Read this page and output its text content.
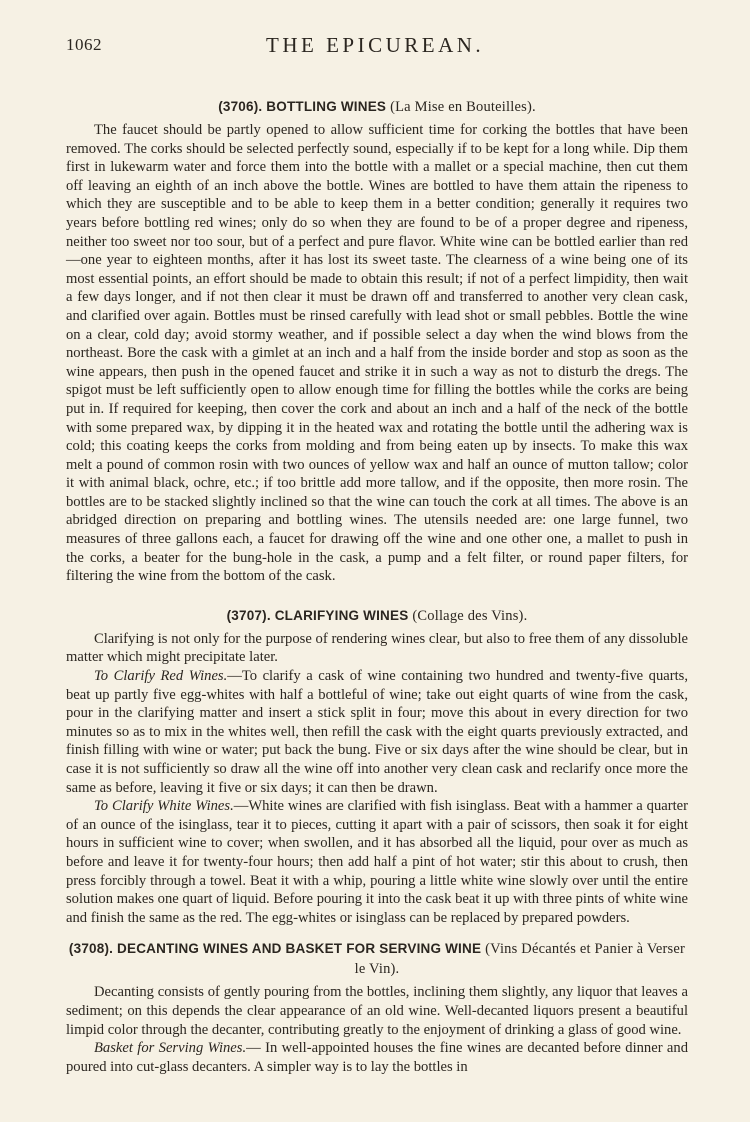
1062	THE EPICUREAN.
(3706). BOTTLING WINES (La Mise en Bouteilles).

The faucet should be partly opened to allow sufficient time for corking the bottles that have been removed. The corks should be selected perfectly sound, especially if to be kept for a long while. Dip them first in lukewarm water and force them into the bottle with a mallet or a special machine, then cut them off leaving an eighth of an inch above the bottle. Wines are bottled to have them attain the ripeness to which they are susceptible and to be able to keep them in a better condition; generally it requires two years before bottling red wines; only do so when they are found to be of a proper degree and ripeness, neither too sweet nor too sour, but of a perfect and pure flavor. White wine can be bottled earlier than red—one year to eighteen months, after it has lost its sweet taste. The clearness of a wine being one of its most essential points, an effort should be made to obtain this result; if not of a perfect limpidity, then wait a few days longer, and if not then clear it must be drawn off and transferred to another very clean cask, and clarified over again. Bottles must be rinsed carefully with lead shot or small pebbles. Bottle the wine on a clear, cold day; avoid stormy weather, and if possible select a day when the wind blows from the northeast. Bore the cask with a gimlet at an inch and a half from the inside border and stop as soon as the wine appears, then push in the opened faucet and strike it in such a way as not to disturb the dregs. The spigot must be left sufficiently open to allow enough time for filling the bottles while the corks are being put in. If required for keeping, then cover the cork and about an inch and a half of the neck of the bottle with some prepared wax, by dipping it in the heated wax and rotating the bottle until the adhering wax is cold; this coating keeps the corks from molding and from being eaten up by insects. To make this wax melt a pound of common rosin with two ounces of yellow wax and half an ounce of mutton tallow; color it with animal black, ochre, etc.; if too brittle add more tallow, and if the opposite, then more rosin. The bottles are to be stacked slightly inclined so that the wine can touch the cork at all times. The above is an abridged direction on preparing and bottling wines. The utensils needed are: one large funnel, two measures of three gallons each, a faucet for drawing off the wine and one other one, a mallet to push in the corks, a beater for the bung-hole in the cask, a pump and a felt filter, or round paper filters, for filtering the wine from the bottom of the cask.

(3707). CLARIFYING WINES (Collage des Vins).

Clarifying is not only for the purpose of rendering wines clear, but also to free them of any dissoluble matter which might precipitate later.

To Clarify Red Wines.—To clarify a cask of wine containing two hundred and twenty-five quarts, beat up partly five egg-whites with half a bottleful of wine; take out eight quarts of wine from the cask, pour in the clarifying matter and insert a stick split in four; move this about in every direction for two minutes so as to mix in the whites well, then refill the cask with the eight quarts previously extracted, and finish filling with wine or water; put back the bung. Five or six days after the wine should be clear, but in case it is not sufficiently so draw all the wine off into another very clean cask and reclarify once more the same as before, leaving it five or six days; it can then be drawn.

To Clarify White Wines.—White wines are clarified with fish isinglass. Beat with a hammer a quarter of an ounce of the isinglass, tear it to pieces, cutting it apart with a pair of scissors, then soak it for eight hours in sufficient wine to cover; when swollen, and it has absorbed all the liquid, pour over as much as before and leave it for twenty-four hours; then add half a pint of hot water; stir this about to crush, then press forcibly through a towel. Beat it with a whip, pouring a little white wine slowly over until the entire solution makes one quart of liquid. Before pouring it into the cask beat it up with three pints of white wine and finish the same as the red. The egg-whites or isinglass can be replaced by prepared powders.

(3708). DECANTING WINES AND BASKET FOR SERVING WINE (Vins Décantés et Panier à Verser le Vin).

Decanting consists of gently pouring from the bottles, inclining them slightly, any liquor that leaves a sediment; on this depends the clear appearance of an old wine. Well-decanted liquors present a beautiful limpid color through the decanter, contributing greatly to the enjoyment of drinking a glass of good wine.

Basket for Serving Wines.— In well-appointed houses the fine wines are decanted before dinner and poured into cut-glass decanters. A simpler way is to lay the bottles in
